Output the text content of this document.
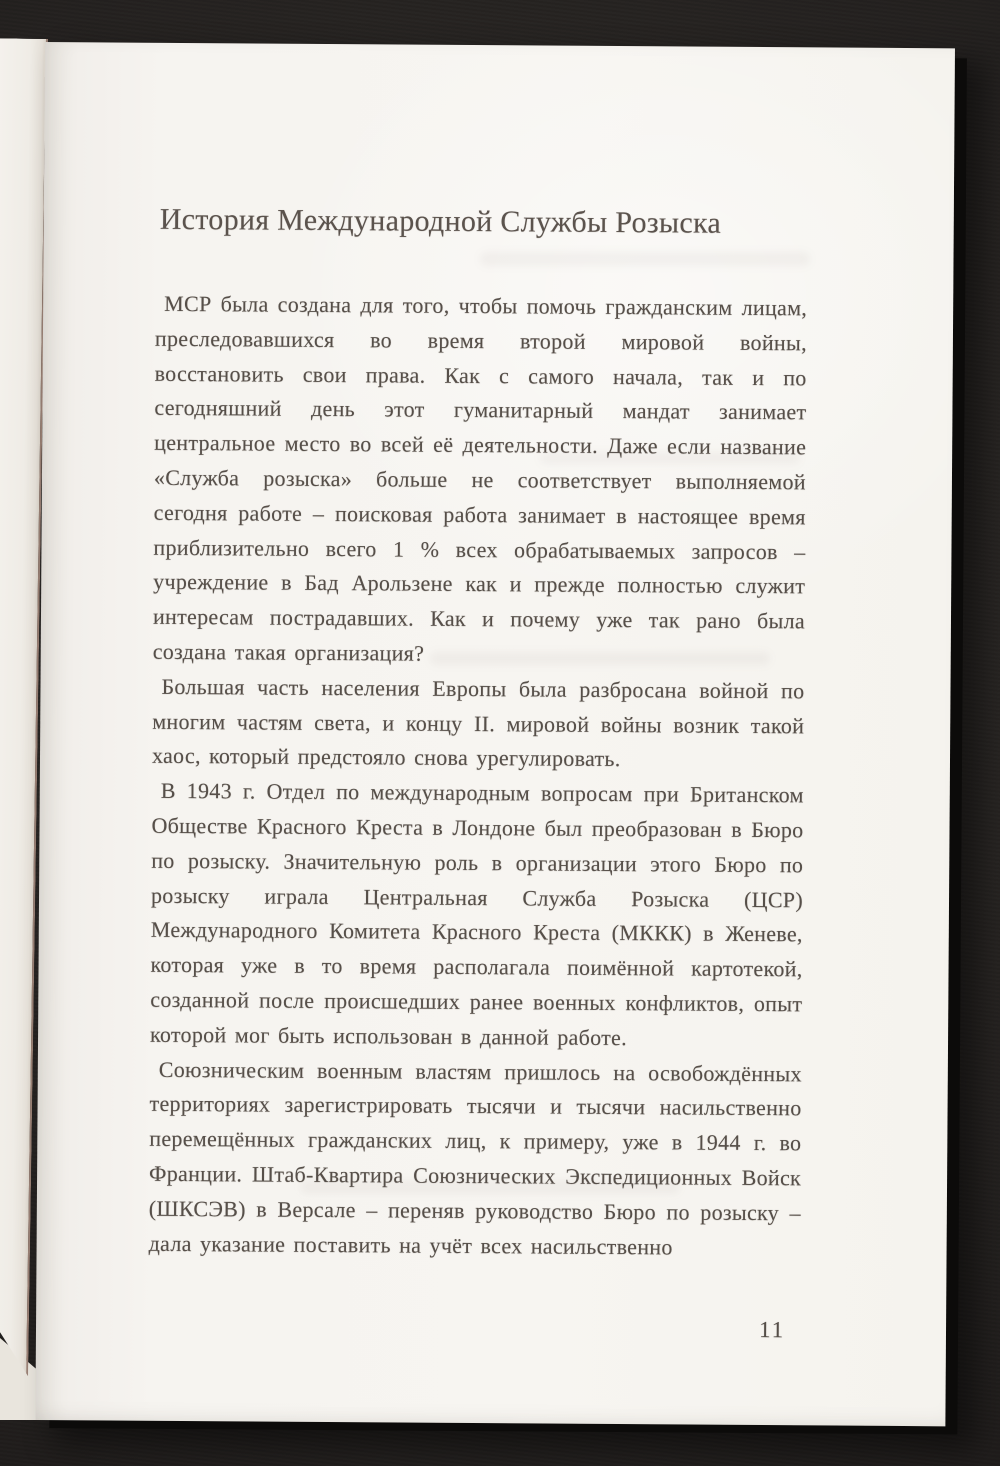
История Международной Службы Розыска

МСР была создана для того, чтобы помочь гражданским лицам, преследовавшихся во время второй мировой войны, восстановить свои права. Как с самого начала, так и по сегодняшний день этот гуманитарный мандат занимает центральное место во всей её деятельности. Даже если название «Служба розыска» больше не соответствует выполняемой сегодня работе – поисковая работа занимает в настоящее время приблизительно всего 1 % всех обрабатываемых запросов – учреждение в Бад Арользене как и прежде полностью служит интересам пострадавших. Как и почему уже так рано была создана такая организация?

Большая часть населения Европы была разбросана войной по многим частям света, и концу II. мировой войны возник такой хаос, который предстояло снова урегулировать.

В 1943 г. Отдел по международным вопросам при Британском Обществе Красного Креста в Лондоне был преобразован в Бюро по розыску. Значительную роль в организации этого Бюро по розыску играла Центральная Служба Розыска (ЦСР) Международного Комитета Красного Креста (МККК) в Женеве, которая уже в то время располагала поимённой картотекой, созданной после происшедших ранее военных конфликтов, опыт которой мог быть использован в данной работе.

Союзническим военным властям пришлось на освобождённых территориях зарегистрировать тысячи и тысячи насильственно перемещённых гражданских лиц, к примеру, уже в 1944 г. во Франции. Штаб-Квартира Союзнических Экспедиционных Войск (ШКСЭВ) в Версале – переняв руководство Бюро по розыску – дала указание поставить на учёт всех насильственно

11
